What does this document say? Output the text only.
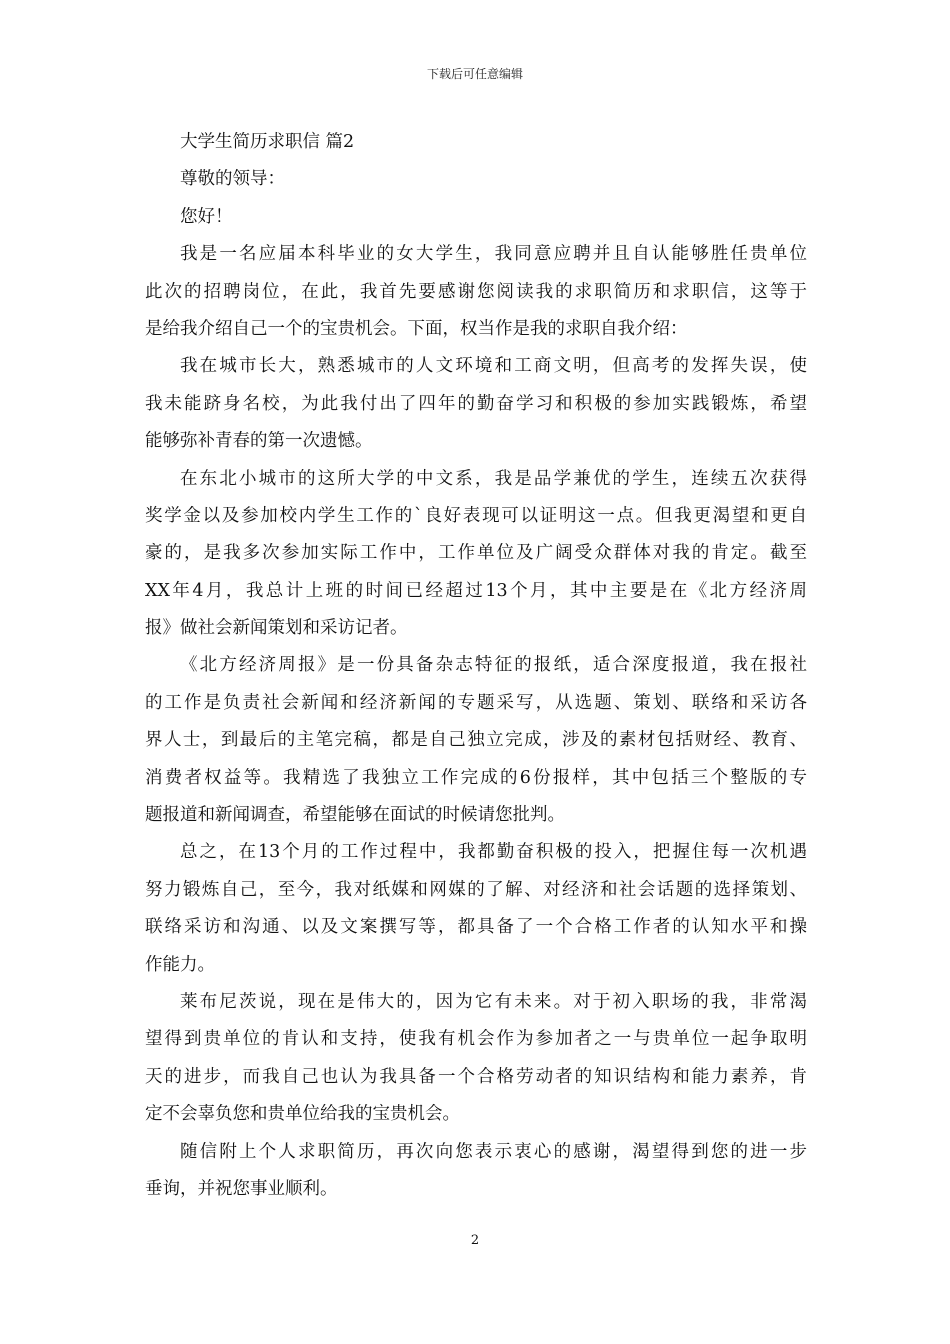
下载后可任意编辑
大学生简历求职信 篇2
尊敬的领导：
您好！
我是一名应届本科毕业的女大学生，我同意应聘并且自认能够胜任贵单位
此次的招聘岗位，在此，我首先要感谢您阅读我的求职简历和求职信，这等于
是给我介绍自己一个的宝贵机会。下面，权当作是我的求职自我介绍：
我在城市长大，熟悉城市的人文环境和工商文明，但高考的发挥失误，使
我未能跻身名校，为此我付出了四年的勤奋学习和积极的参加实践锻炼，希望
能够弥补青春的第一次遗憾。
在东北小城市的这所大学的中文系，我是品学兼优的学生，连续五次获得
奖学金以及参加校内学生工作的`良好表现可以证明这一点。但我更渴望和更自
豪的，是我多次参加实际工作中，工作单位及广阔受众群体对我的肯定。截至
XX年4月，我总计上班的时间已经超过13个月，其中主要是在《北方经济周
报》做社会新闻策划和采访记者。
《北方经济周报》是一份具备杂志特征的报纸，适合深度报道，我在报社
的工作是负责社会新闻和经济新闻的专题采写，从选题、策划、联络和采访各
界人士，到最后的主笔完稿，都是自己独立完成，涉及的素材包括财经、教育、
消费者权益等。我精选了我独立工作完成的6份报样，其中包括三个整版的专
题报道和新闻调查，希望能够在面试的时候请您批判。
总之，在13个月的工作过程中，我都勤奋积极的投入，把握住每一次机遇
努力锻炼自己，至今，我对纸媒和网媒的了解、对经济和社会话题的选择策划、
联络采访和沟通、以及文案撰写等，都具备了一个合格工作者的认知水平和操
作能力。
莱布尼茨说，现在是伟大的，因为它有未来。对于初入职场的我，非常渴
望得到贵单位的肯认和支持，使我有机会作为参加者之一与贵单位一起争取明
天的进步，而我自己也认为我具备一个合格劳动者的知识结构和能力素养，肯
定不会辜负您和贵单位给我的宝贵机会。
随信附上个人求职简历，再次向您表示衷心的感谢，渴望得到您的进一步
垂询，并祝您事业顺利。
2
